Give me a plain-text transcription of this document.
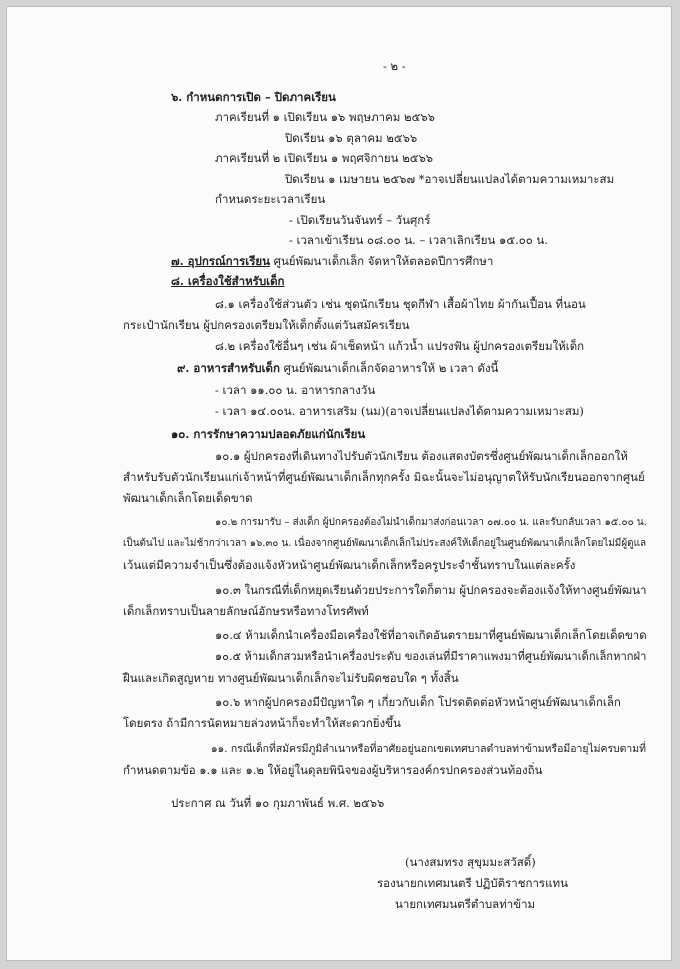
- ๒ -
๖. กำหนดการเปิด – ปิดภาคเรียน
ภาคเรียนที่ ๑ เปิดเรียน ๑๖ พฤษภาคม ๒๕๖๖
ปิดเรียน ๑๖ ตุลาคม ๒๕๖๖
ภาคเรียนที่ ๒ เปิดเรียน ๑ พฤศจิกายน ๒๕๖๖
ปิดเรียน ๑ เมษายน ๒๕๖๗ *อาจเปลี่ยนแปลงได้ตามความเหมาะสม
กำหนดระยะเวลาเรียน
- เปิดเรียนวันจันทร์ – วันศุกร์
- เวลาเข้าเรียน ๐๘.๐๐ น. – เวลาเลิกเรียน ๑๕.๐๐ น.
๗. อุปกรณ์การเรียน ศูนย์พัฒนาเด็กเล็ก จัดหาให้ตลอดปีการศึกษา
๘. เครื่องใช้สำหรับเด็ก
๘.๑ เครื่องใช้ส่วนตัว เช่น ชุดนักเรียน ชุดกีฬา เสื้อผ้าไทย ผ้ากันเปื้อน ที่นอน
กระเป๋านักเรียน ผู้ปกครองเตรียมให้เด็กตั้งแต่วันสมัครเรียน
๘.๒ เครื่องใช้อื่นๆ เช่น ผ้าเช็ดหน้า แก้วน้ำ แปรงฟัน ผู้ปกครองเตรียมให้เด็ก
๙. อาหารสำหรับเด็ก ศูนย์พัฒนาเด็กเล็กจัดอาหารให้ ๒ เวลา ดังนี้
- เวลา ๑๑.๐๐ น. อาหารกลางวัน
- เวลา ๑๔.๐๐น. อาหารเสริม (นม)(อาจเปลี่ยนแปลงได้ตามความเหมาะสม)
๑๐. การรักษาความปลอดภัยแก่นักเรียน
๑๐.๑ ผู้ปกครองที่เดินทางไปรับตัวนักเรียน ต้องแสดงบัตรซึ่งศูนย์พัฒนาเด็กเล็กออกให้
สำหรับรับตัวนักเรียนแก่เจ้าหน้าที่ศูนย์พัฒนาเด็กเล็กทุกครั้ง มิฉะนั้นจะไม่อนุญาตให้รับนักเรียนออกจากศูนย์
พัฒนาเด็กเล็กโดยเด็ดขาด
๑๐.๒ การมารับ – ส่งเด็ก ผู้ปกครองต้องไม่นำเด็กมาส่งก่อนเวลา ๐๗.๐๐ น. และรับกลับเวลา ๑๕.๐๐ น.
เป็นต้นไป และไม่ช้ากว่าเวลา ๑๖.๓๐ น. เนื่องจากศูนย์พัฒนาเด็กเล็กไม่ประสงค์ให้เด็กอยู่ในศูนย์พัฒนาเด็กเล็กโดยไม่มีผู้ดูแล
เว้นแต่มีความจำเป็นซึ่งต้องแจ้งหัวหน้าศูนย์พัฒนาเด็กเล็กหรือครูประจำชั้นทราบในแต่ละครั้ง
๑๐.๓ ในกรณีที่เด็กหยุดเรียนด้วยประการใดก็ตาม ผู้ปกครองจะต้องแจ้งให้ทางศูนย์พัฒนา
เด็กเล็กทราบเป็นลายลักษณ์อักษรหรือทางโทรศัพท์
๑๐.๔ ห้ามเด็กนำเครื่องมือเครื่องใช้ที่อาจเกิดอันตรายมาที่ศูนย์พัฒนาเด็กเล็กโดยเด็ดขาด
๑๐.๕ ห้ามเด็กสวมหรือนำเครื่องประดับ ของเล่นที่มีราคาแพงมาที่ศูนย์พัฒนาเด็กเล็กหากฝ่า
ฝืนและเกิดสูญหาย ทางศูนย์พัฒนาเด็กเล็กจะไม่รับผิดชอบใด ๆ ทั้งสิ้น
๑๐.๖ หากผู้ปกครองมีปัญหาใด ๆ เกี่ยวกับเด็ก โปรดติดต่อหัวหน้าศูนย์พัฒนาเด็กเล็ก
โดยตรง ถ้ามีการนัดหมายล่วงหน้าก็จะทำให้สะดวกยิ่งขึ้น
๑๑. กรณีเด็กที่สมัครมีภูมิลำเนาหรือที่อาศัยอยู่นอกเขตเทศบาลตำบลท่าข้ามหรือมีอายุไม่ครบตามที่
กำหนดตามข้อ ๑.๑ และ ๑.๒ ให้อยู่ในดุลยพินิจของผู้บริหารองค์กรปกครองส่วนท้องถิ่น
ประกาศ ณ วันที่ ๑๐ กุมภาพันธ์ พ.ศ. ๒๕๖๖
(นางสมทรง สุขุมมะสวัสดิ์)
รองนายกเทศมนตรี ปฏิบัติราชการแทน
นายกเทศมนตรีตำบลท่าข้าม
